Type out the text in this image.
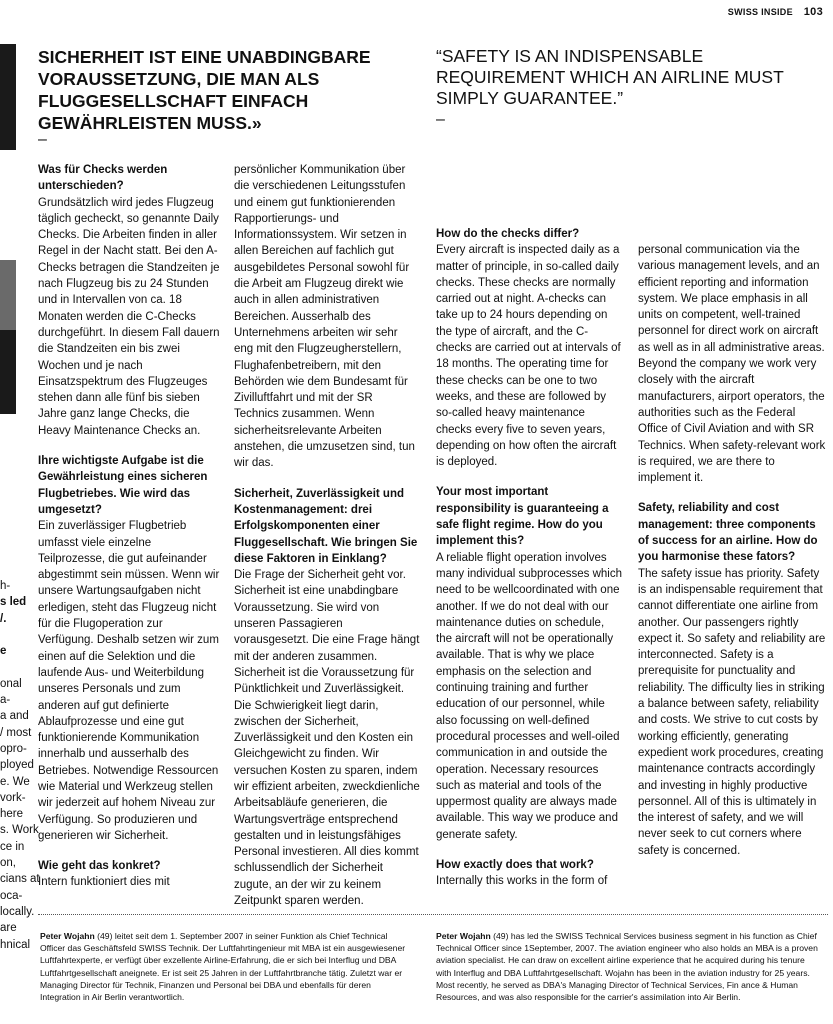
SWISS INSIDE 103
h-
s led
/.
e
onal
a-
a and
/ most
opro-
ployed
e. We
vork-
here
s. Work
ce in
on,
cians at
oca-
locally.
are
hnical
SICHERHEIT IST EINE UNABDINGBARE VORAUSSETZUNG, DIE MAN ALS FLUGGESELLSCHAFT EINFACH GEWÄHRLEISTEN MUSS.»
–
“SAFETY IS AN INDISPENSABLE REQUIREMENT WHICH AN AIRLINE MUST SIMPLY GUARANTEE.”
–
Was für Checks werden unterschieden?

Grundsätzlich wird jedes Flugzeug täglich gecheckt, so genannte Daily Checks. Die Arbeiten finden in aller Regel in der Nacht statt. Bei den A-Checks betragen die Standzeiten je nach Flugzeug bis zu 24 Stunden und in Intervallen von ca. 18 Monaten werden die C-Checks durchgeführt. In diesem Fall dauern die Standzeiten ein bis zwei Wochen und je nach Einsatzspektrum des Flugzeuges stehen dann alle fünf bis sieben Jahre ganz lange Checks, die Heavy Maintenance Checks an.

Ihre wichtigste Aufgabe ist die Gewährleistung eines sicheren Flugbetriebes. Wie wird das umgesetzt?

Ein zuverlässiger Flugbetrieb umfasst viele einzelne Teilprozesse, die gut aufeinander abgestimmt sein müssen. Wenn wir unsere Wartungsaufgaben nicht erledigen, steht das Flugzeug nicht für die Flugoperation zur Verfügung. Deshalb setzen wir zum einen auf die Selektion und die laufende Aus- und Weiterbildung unseres Personals und zum anderen auf gut definierte Ablaufprozesse und eine gut funktionierende Kommunikation innerhalb und ausserhalb des Betriebes. Notwendige Ressourcen wie Material und Werkzeug stellen wir jederzeit auf hohem Niveau zur Verfügung. So produzieren und generieren wir Sicherheit.

Wie geht das konkret?

Intern funktioniert dies mit

persönlicher Kommunikation über die verschiedenen Leitungsstufen und einem gut funktionierenden Rapportierungs- und Informationssystem. Wir setzen in allen Bereichen auf fachlich gut ausgebildetes Personal sowohl für die Arbeit am Flugzeug direkt wie auch in allen administrativen Bereichen. Ausserhalb des Unternehmens arbeiten wir sehr eng mit den Flugzeugherstellern, Flughafenbetreibern, mit den Behörden wie dem Bundesamt für Zivilluftfahrt und mit der SR Technics zusammen. Wenn sicherheitsrelevante Arbeiten anstehen, die umzusetzen sind, tun wir das.

Sicherheit, Zuverlässigkeit und Kostenmanagement: drei Erfolgskomponenten einer Fluggesellschaft. Wie bringen Sie diese Faktoren in Einklang?

Die Frage der Sicherheit geht vor. Sicherheit ist eine unabdingbare Voraussetzung. Sie wird von unseren Passagieren vorausgesetzt. Die eine Frage hängt mit der anderen zusammen. Sicherheit ist die Voraussetzung für Pünktlichkeit und Zuverlässigkeit. Die Schwierigkeit liegt darin, zwischen der Sicherheit, Zuverlässigkeit und den Kosten ein Gleichgewicht zu finden. Wir versuchen Kosten zu sparen, indem wir effizient arbeiten, zweckdienliche Arbeitsabläufe generieren, die Wartungsverträge entsprechend gestalten und in leistungsfähiges Personal investieren. All dies kommt schlussendlich der Sicherheit zugute, an der wir zu keinem Zeitpunkt sparen werden.

How do the checks differ?

Every aircraft is inspected daily as a matter of principle, in so-called daily checks. These checks are normally carried out at night. A-checks can take up to 24 hours depending on the type of aircraft, and the C-checks are carried out at intervals of 18 months. The operating time for these checks can be one to two weeks, and these are followed by so-called heavy maintenance checks every five to seven years, depending on how often the aircraft is deployed.

Your most important responsibility is guaranteeing a safe flight regime. How do you implement this?

A reliable flight operation involves many individual subprocesses which need to be wellcoordinated with one another. If we do not deal with our maintenance duties on schedule, the aircraft will not be operationally available. That is why we place emphasis on the selection and continuing training and further education of our personnel, while also focussing on well-defined procedural processes and well-oiled communication in and outside the operation. Necessary resources such as material and tools of the uppermost quality are always made available. This way we produce and generate safety.

How exactly does that work?

Internally this works in the form of

personal communication via the various management levels, and an efficient reporting and information system. We place emphasis in all units on competent, well-trained personnel for direct work on aircraft as well as in all administrative areas. Beyond the company we work very closely with the aircraft manufacturers, airport operators, the authorities such as the Federal Office of Civil Aviation and with SR Technics. When safety-relevant work is required, we are there to implement it.

Safety, reliability and cost management: three components of success for an airline. How do you harmonise these fators?

The safety issue has priority. Safety is an indispensable requirement that cannot differentiate one airline from another. Our passengers rightly expect it. So safety and reliability are interconnected. Safety is a prerequisite for punctuality and reliability. The difficulty lies in striking a balance between safety, reliability and costs. We strive to cut costs by working efficiently, generating expedient work procedures, creating maintenance contracts accordingly and investing in highly productive personnel. All of this is ultimately in the interest of safety, and we will never seek to cut corners where safety is concerned.

Peter Wojahn (49) leitet seit dem 1. September 2007 in seiner Funktion als Chief Technical Officer das Geschäftsfeld SWISS Technik. Der Luftfahrtingenieur mit MBA ist ein ausgewiesener Luftfahrtexperte, er verfügt über exzellente Airline-Erfahrung, die er sich bei Interflug und DBA Luftfahrtgesellschaft aneignete. Er ist seit 25 Jahren in der Luftfahrtbranche tätig. Zuletzt war er Managing Director für Technik, Finanzen und Personal bei DBA und ebenfalls für deren Integration in Air Berlin verantwortlich.

Peter Wojahn (49) has led the SWISS Technical Services business segment in his function as Chief Technical Officer since 1September, 2007. The aviation engineer who also holds an MBA is a proven aviation specialist. He can draw on excellent airline experience that he acquired during his tenure with Interflug and DBA Luftfahrtgesellschaft. Wojahn has been in the aviation industry for 25 years. Most recently, he served as DBA's Managing Director of Technical Services, Fin ance & Human Resources, and was also responsible for the carrier's assimilation into Air Berlin.
